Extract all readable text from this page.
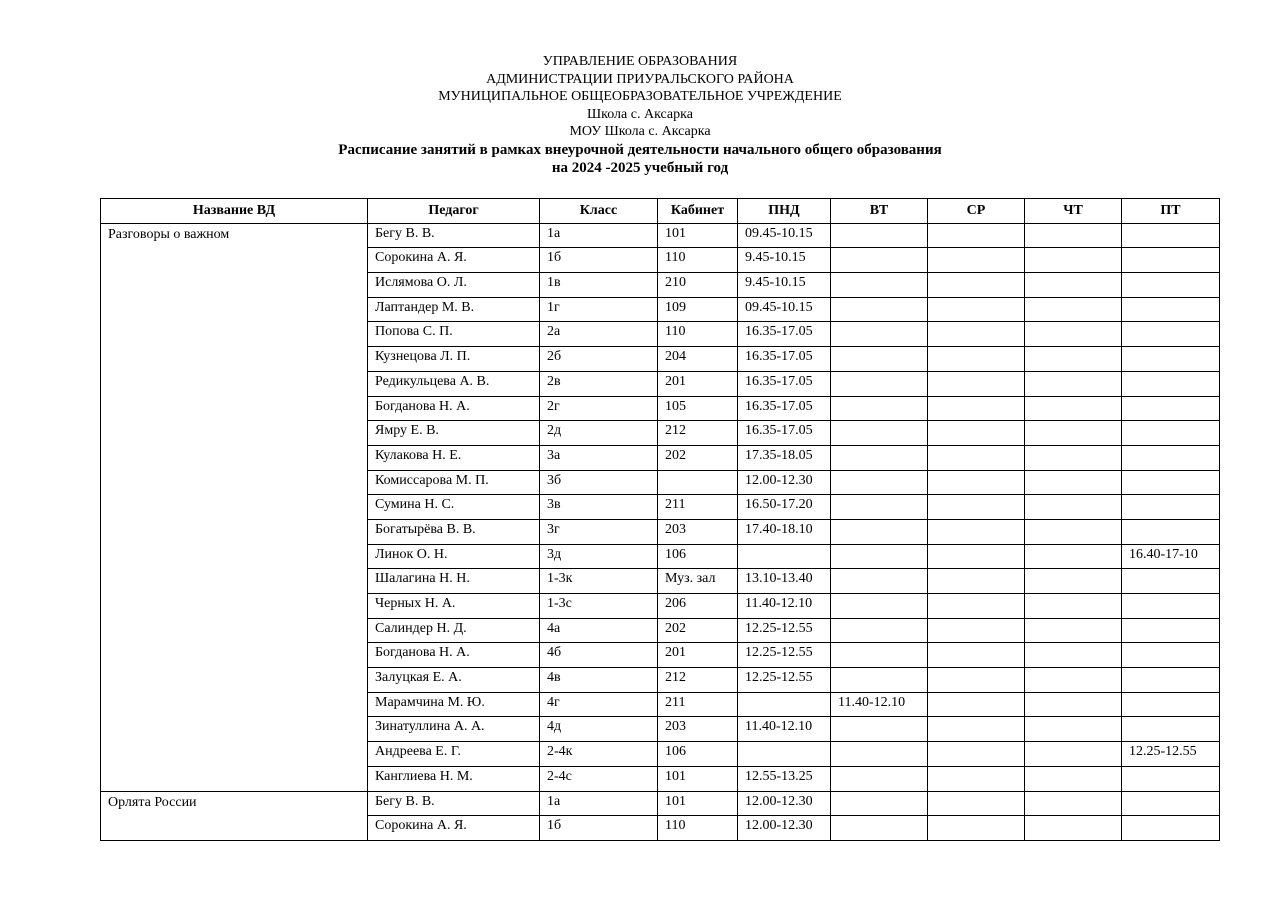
УПРАВЛЕНИЕ ОБРАЗОВАНИЯ
АДМИНИСТРАЦИИ ПРИУРАЛЬСКОГО РАЙОНА
МУНИЦИПАЛЬНОЕ ОБЩЕОБРАЗОВАТЕЛЬНОЕ УЧРЕЖДЕНИЕ
Школа с. Аксарка
МОУ Школа с. Аксарка
Расписание занятий в рамках внеурочной деятельности начального общего образования
на 2024 -2025 учебный год
Название ВД	Педагог	Класс	Кабинет	ПНД	ВТ	СР	ЧТ	ПТ
Разговоры о важном	Бегу В. В.	1а	101	09.45-10.15				
	Сорокина А. Я.	1б	110	9.45-10.15				
	Ислямова О. Л.	1в	210	9.45-10.15				
	Лаптандер М. В.	1г	109	09.45-10.15				
	Попова С. П.	2а	110	16.35-17.05				
	Кузнецова Л. П.	2б	204	16.35-17.05				
	Редикульцева А. В.	2в	201	16.35-17.05				
	Богданова Н. А.	2г	105	16.35-17.05				
	Ямру Е. В.	2д	212	16.35-17.05				
	Кулакова Н. Е.	3а	202	17.35-18.05				
	Комиссарова М. П.	3б		12.00-12.30				
	Сумина Н. С.	3в	211	16.50-17.20				
	Богатырёва В. В.	3г	203	17.40-18.10				
	Линок О. Н.	3д	106					16.40-17-10
	Шалагина Н. Н.	1-3к	Муз. зал	13.10-13.40				
	Черных Н. А.	1-3с	206	11.40-12.10				
	Салиндер Н. Д.	4а	202	12.25-12.55				
	Богданова Н. А.	4б	201	12.25-12.55				
	Залуцкая Е. А.	4в	212	12.25-12.55				
	Марамчина М. Ю.	4г	211		11.40-12.10			
	Зинатуллина А. А.	4д	203	11.40-12.10				
	Андреева Е. Г.	2-4к	106					12.25-12.55
	Канглиева Н. М.	2-4с	101	12.55-13.25				
Орлята России	Бегу В. В.	1а	101	12.00-12.30				
	Сорокина А. Я.	1б	110	12.00-12.30				
